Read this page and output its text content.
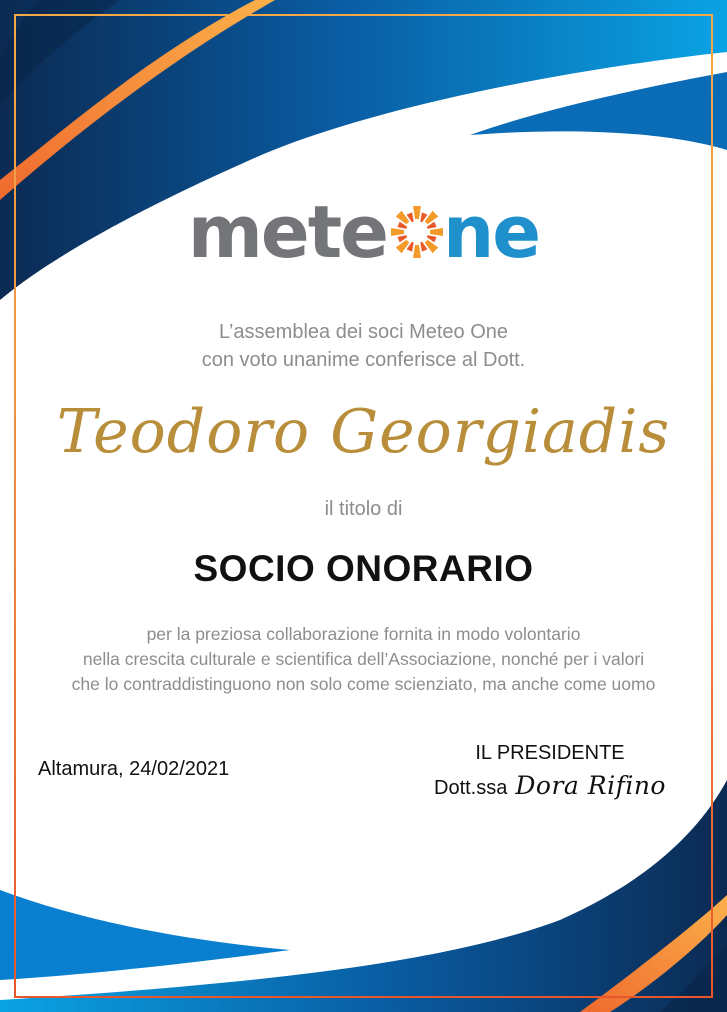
mete ne
L’assemblea dei soci Meteo One
con voto unanime conferisce al Dott.
Teodoro Georgiadis
il titolo di
SOCIO ONORARIO
per la preziosa collaborazione fornita in modo volontario
nella crescita culturale e scientifica dell’Associazione, nonché per i valori
che lo contraddistinguono non solo come scienziato, ma anche come uomo
Altamura, 24/02/2021
IL PRESIDENTE
Dott.ssa Dora Rifino
